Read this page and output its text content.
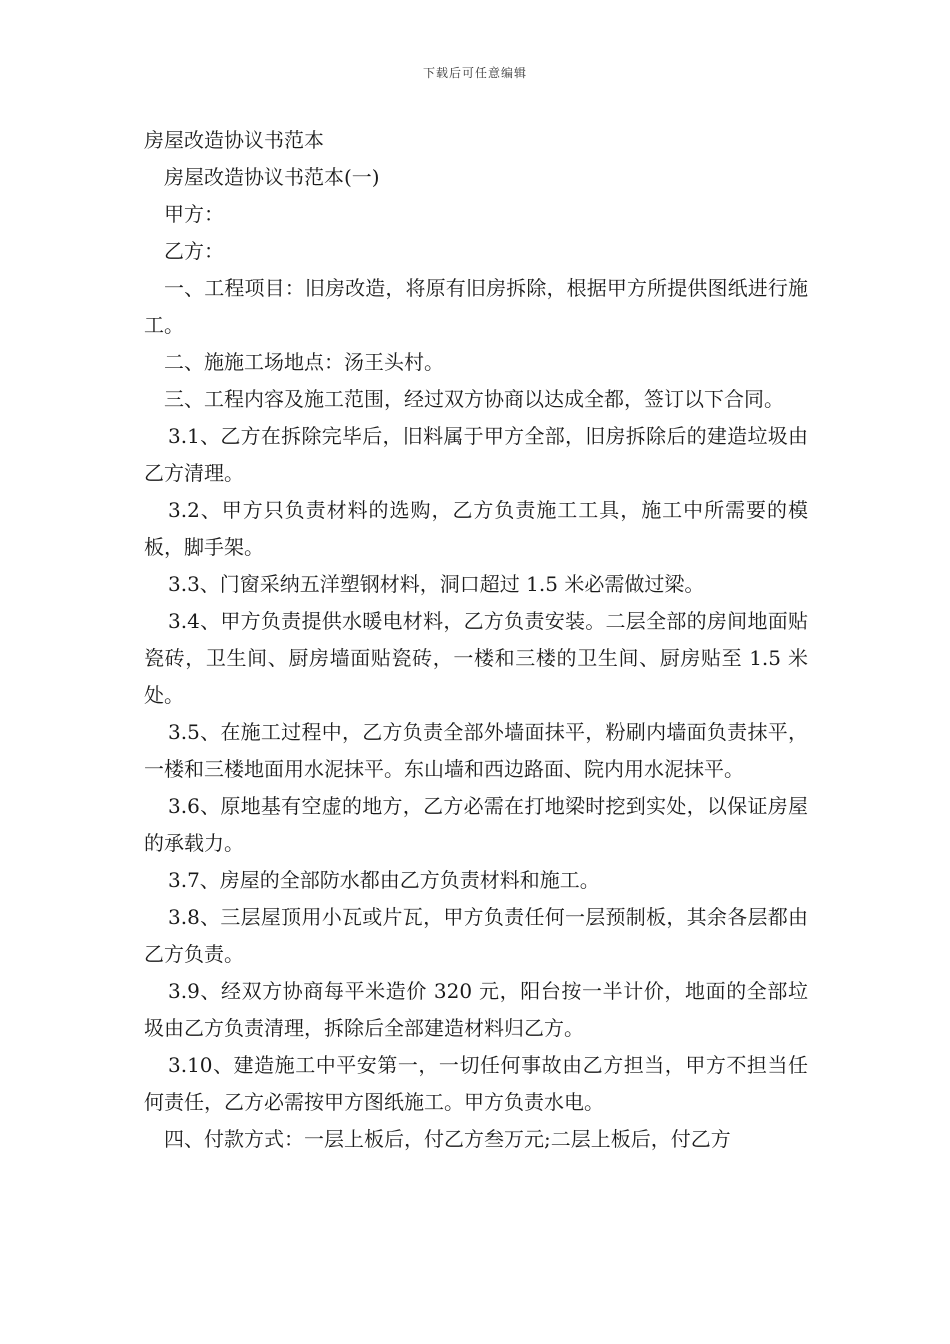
下载后可任意编辑

房屋改造协议书范本

房屋改造协议书范本(一)

甲方：

乙方：

一、工程项目：旧房改造，将原有旧房拆除，根据甲方所提供图纸进行施工。

二、施施工场地点：汤王头村。

三、工程内容及施工范围，经过双方协商以达成全都，签订以下合同。

3.1、乙方在拆除完毕后，旧料属于甲方全部，旧房拆除后的建造垃圾由乙方清理。

3.2、甲方只负责材料的选购，乙方负责施工工具，施工中所需要的模板，脚手架。

3.3、门窗采纳五洋塑钢材料，洞口超过 1.5 米必需做过梁。

3.4、甲方负责提供水暖电材料，乙方负责安装。二层全部的房间地面贴瓷砖，卫生间、厨房墙面贴瓷砖，一楼和三楼的卫生间、厨房贴至 1.5 米处。

3.5、在施工过程中，乙方负责全部外墙面抹平，粉刷内墙面负责抹平，一楼和三楼地面用水泥抹平。东山墙和西边路面、院内用水泥抹平。

3.6、原地基有空虚的地方，乙方必需在打地梁时挖到实处，以保证房屋的承载力。

3.7、房屋的全部防水都由乙方负责材料和施工。

3.8、三层屋顶用小瓦或片瓦，甲方负责任何一层预制板，其余各层都由乙方负责。

3.9、经双方协商每平米造价 320 元，阳台按一半计价，地面的全部垃圾由乙方负责清理，拆除后全部建造材料归乙方。

3.10、建造施工中平安第一，一切任何事故由乙方担当，甲方不担当任何责任，乙方必需按甲方图纸施工。甲方负责水电。

四、付款方式：一层上板后，付乙方叁万元;二层上板后，付乙方
